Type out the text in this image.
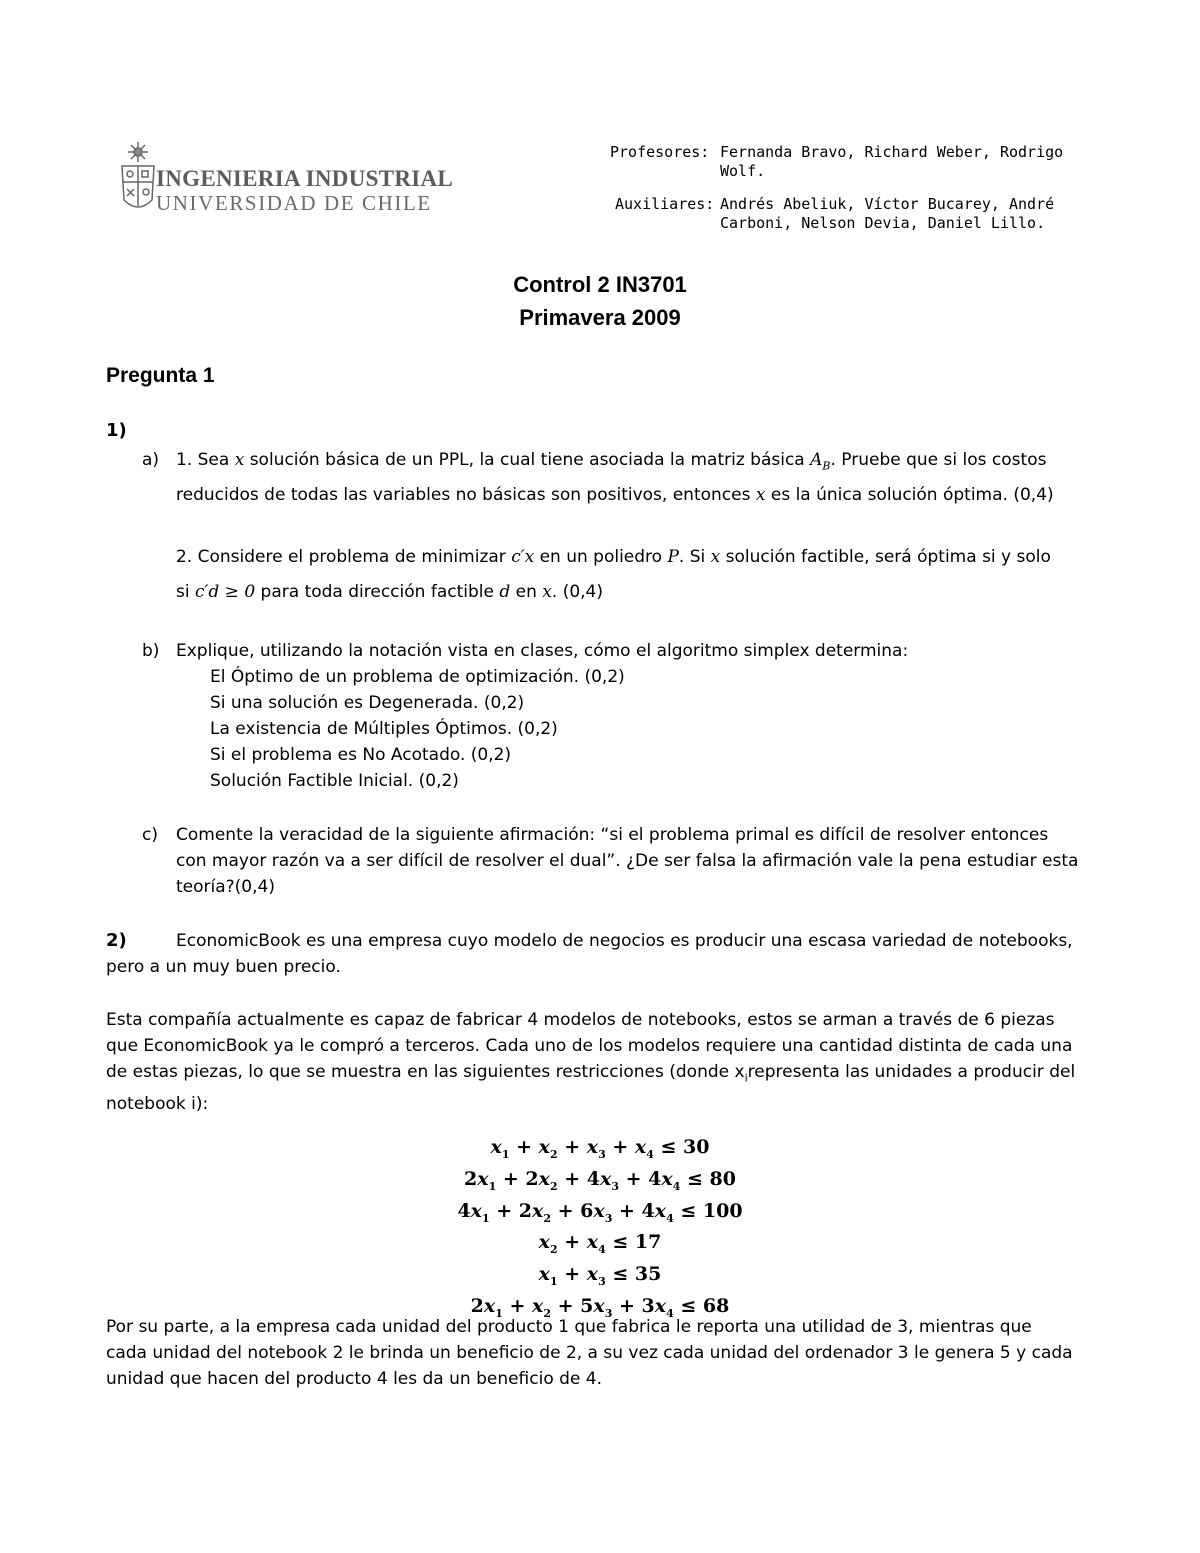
INGENIERIA INDUSTRIAL
UNIVERSIDAD DE CHILE
Profesores: Fernanda Bravo, Richard Weber, Rodrigo
Wolf.
Auxiliares: Andrés Abeliuk, Víctor Bucarey, André
Carboni, Nelson Devia, Daniel Lillo.
Control 2 IN3701
Primavera 2009
Pregunta 1
1)
a) 1. Sea x solución básica de un PPL, la cual tiene asociada la matriz básica $A_B$. Pruebe que si los costos
reducidos de todas las variables no básicas son positivos, entonces x es la única solución óptima. (0,4)
2. Considere el problema de minimizar c′x en un poliedro P. Si x solución factible, será óptima si y solo
si c′d ≥ 0 para toda dirección factible d en x. (0,4)
b) Explique, utilizando la notación vista en clases, cómo el algoritmo simplex determina:
El Óptimo de un problema de optimización. (0,2)
Si una solución es Degenerada. (0,2)
La existencia de Múltiples Óptimos. (0,2)
Si el problema es No Acotado. (0,2)
Solución Factible Inicial. (0,2)
c) Comente la veracidad de la siguiente afirmación: “si el problema primal es difícil de resolver entonces
con mayor razón va a ser difícil de resolver el dual”. ¿De ser falsa la afirmación vale la pena estudiar esta
teoría?(0,4)
2)	EconomicBook es una empresa cuyo modelo de negocios es producir una escasa variedad de notebooks,
pero a un muy buen precio.
Esta compañía actualmente es capaz de fabricar 4 modelos de notebooks, estos se arman a través de 6 piezas
que EconomicBook ya le compró a terceros. Cada uno de los modelos requiere una cantidad distinta de cada una
de estas piezas, lo que se muestra en las siguientes restricciones (donde $x_irepresenta$ las unidades a producir del
notebook i):
$x_1 + x_2 + x_3 + x_4 \le 30$
$2x_1 + 2x_2 + 4x_3 + 4x_4 \le 80$
$4x_1 + 2x_2 + 6x_3 + 4x_4 \le 100$
$x_2 + x_4 \le 17$
$x_1 + x_3 \le 35$
$2x_1 + x_2 + 5x_3 + 3x_4 \le 68$
Por su parte, a la empresa cada unidad del producto 1 que fabrica le reporta una utilidad de 3, mientras que
cada unidad del notebook 2 le brinda un beneficio de 2, a su vez cada unidad del ordenador 3 le genera 5 y cada
unidad que hacen del producto 4 les da un beneficio de 4.
